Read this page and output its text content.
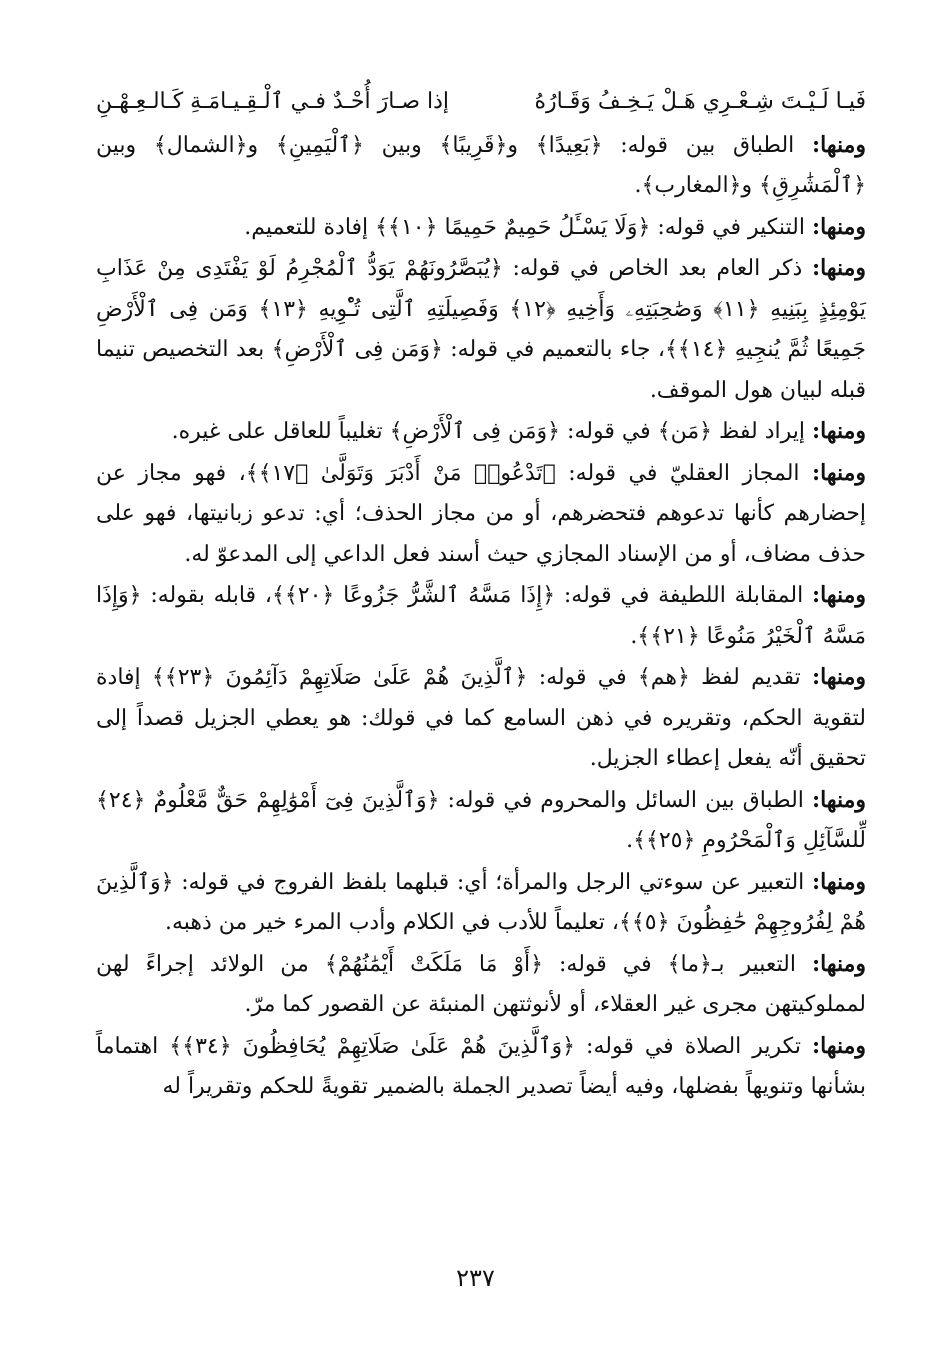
فَيـا لَـيْـتَ شِـعْـرِي هَـلْ يَـخِـفُ وَقَـارُهُ
إذا صـارَ أُحْـدٌ فـي ٱلْـقِـيـامَـةِ كَـالـعِـهْـنِ

ومنها: الطباق بين قوله: ﴿بَعِيدًا﴾ و﴿قَرِيبًا﴾ وبين ﴿ٱلْيَمِينِ﴾ و﴿الشمال﴾ وبين ﴿ٱلْمَشَٰرِقِ﴾ و﴿المغارب﴾.

ومنها: التنكير في قوله: ﴿وَلَا يَسْـَٔلُ حَمِيمٌ حَمِيمًا ﴿١٠﴾﴾ إفادة للتعميم.

ومنها: ذكر العام بعد الخاص في قوله: ﴿يُبَصَّرُونَهُمْ يَوَدُّ ٱلْمُجْرِمُ لَوْ يَفْتَدِى مِنْ عَذَابِ يَوْمِئِذٍ بِبَنِيهِ ﴿١١﴾ وَصَٰحِبَتِهِۦ وَأَخِيهِ ﴿١٢﴾ وَفَصِيلَتِهِ ٱلَّتِى تُـْٔوِيهِ ﴿١٣﴾ وَمَن فِى ٱلْأَرْضِ جَمِيعًا ثُمَّ يُنجِيهِ ﴿١٤﴾﴾، جاء بالتعميم في قوله: ﴿وَمَن فِى ٱلْأَرْضِ﴾ بعد التخصيص تنيما قبله لبيان هول الموقف.

ومنها: إيراد لفظ ﴿مَن﴾ في قوله: ﴿وَمَن فِى ٱلْأَرْضِ﴾ تغليباً للعاقل على غيره.

ومنها: المجاز العقليّ في قوله: ﴿تَدْعُوا۟ مَنْ أَدْبَرَ وَتَوَلَّىٰ ﴿١٧﴾﴾، فهو مجاز عن إحضارهم كأنها تدعوهم فتحضرهم، أو من مجاز الحذف؛ أي: تدعو زبانيتها، فهو على حذف مضاف، أو من الإسناد المجازي حيث أسند فعل الداعي إلى المدعوّ له.

ومنها: المقابلة اللطيفة في قوله: ﴿إِذَا مَسَّهُ ٱلشَّرُّ جَزُوعًا ﴿٢٠﴾﴾، قابله بقوله: ﴿وَإِذَا مَسَّهُ ٱلْخَيْرُ مَنُوعًا ﴿٢١﴾﴾.

ومنها: تقديم لفظ ﴿هم﴾ في قوله: ﴿ٱلَّذِينَ هُمْ عَلَىٰ صَلَاتِهِمْ دَآئِمُونَ ﴿٢٣﴾﴾ إفادة لتقوية الحكم، وتقريره في ذهن السامع كما في قولك: هو يعطي الجزيل قصداً إلى تحقيق أنّه يفعل إعطاء الجزيل.

ومنها: الطباق بين السائل والمحروم في قوله: ﴿وَٱلَّذِينَ فِىٓ أَمْوَٰلِهِمْ حَقٌّ مَّعْلُومٌ ﴿٢٤﴾ لِّلسَّآئِلِ وَٱلْمَحْرُومِ ﴿٢٥﴾﴾.

ومنها: التعبير عن سوءتي الرجل والمرأة؛ أي: قبلهما بلفظ الفروج في قوله: ﴿وَٱلَّذِينَ هُمْ لِفُرُوجِهِمْ حَٰفِظُونَ ﴿٥﴾﴾، تعليماً للأدب في الكلام وأدب المرء خير من ذهبه.

ومنها: التعبير بـ﴿ما﴾ في قوله: ﴿أَوْ مَا مَلَكَتْ أَيْمَٰنُهُمْ﴾ من الولائد إجراءً لهن لمملوكيتهن مجرى غير العقلاء، أو لأنوثتهن المنبئة عن القصور كما مرّ.

ومنها: تكرير الصلاة في قوله: ﴿وَٱلَّذِينَ هُمْ عَلَىٰ صَلَاتِهِمْ يُحَافِظُونَ ﴿٣٤﴾﴾ اهتماماً بشأنها وتنويهاً بفضلها، وفيه أيضاً تصدير الجملة بالضمير تقويةً للحكم وتقريراً له

٢٣٧
